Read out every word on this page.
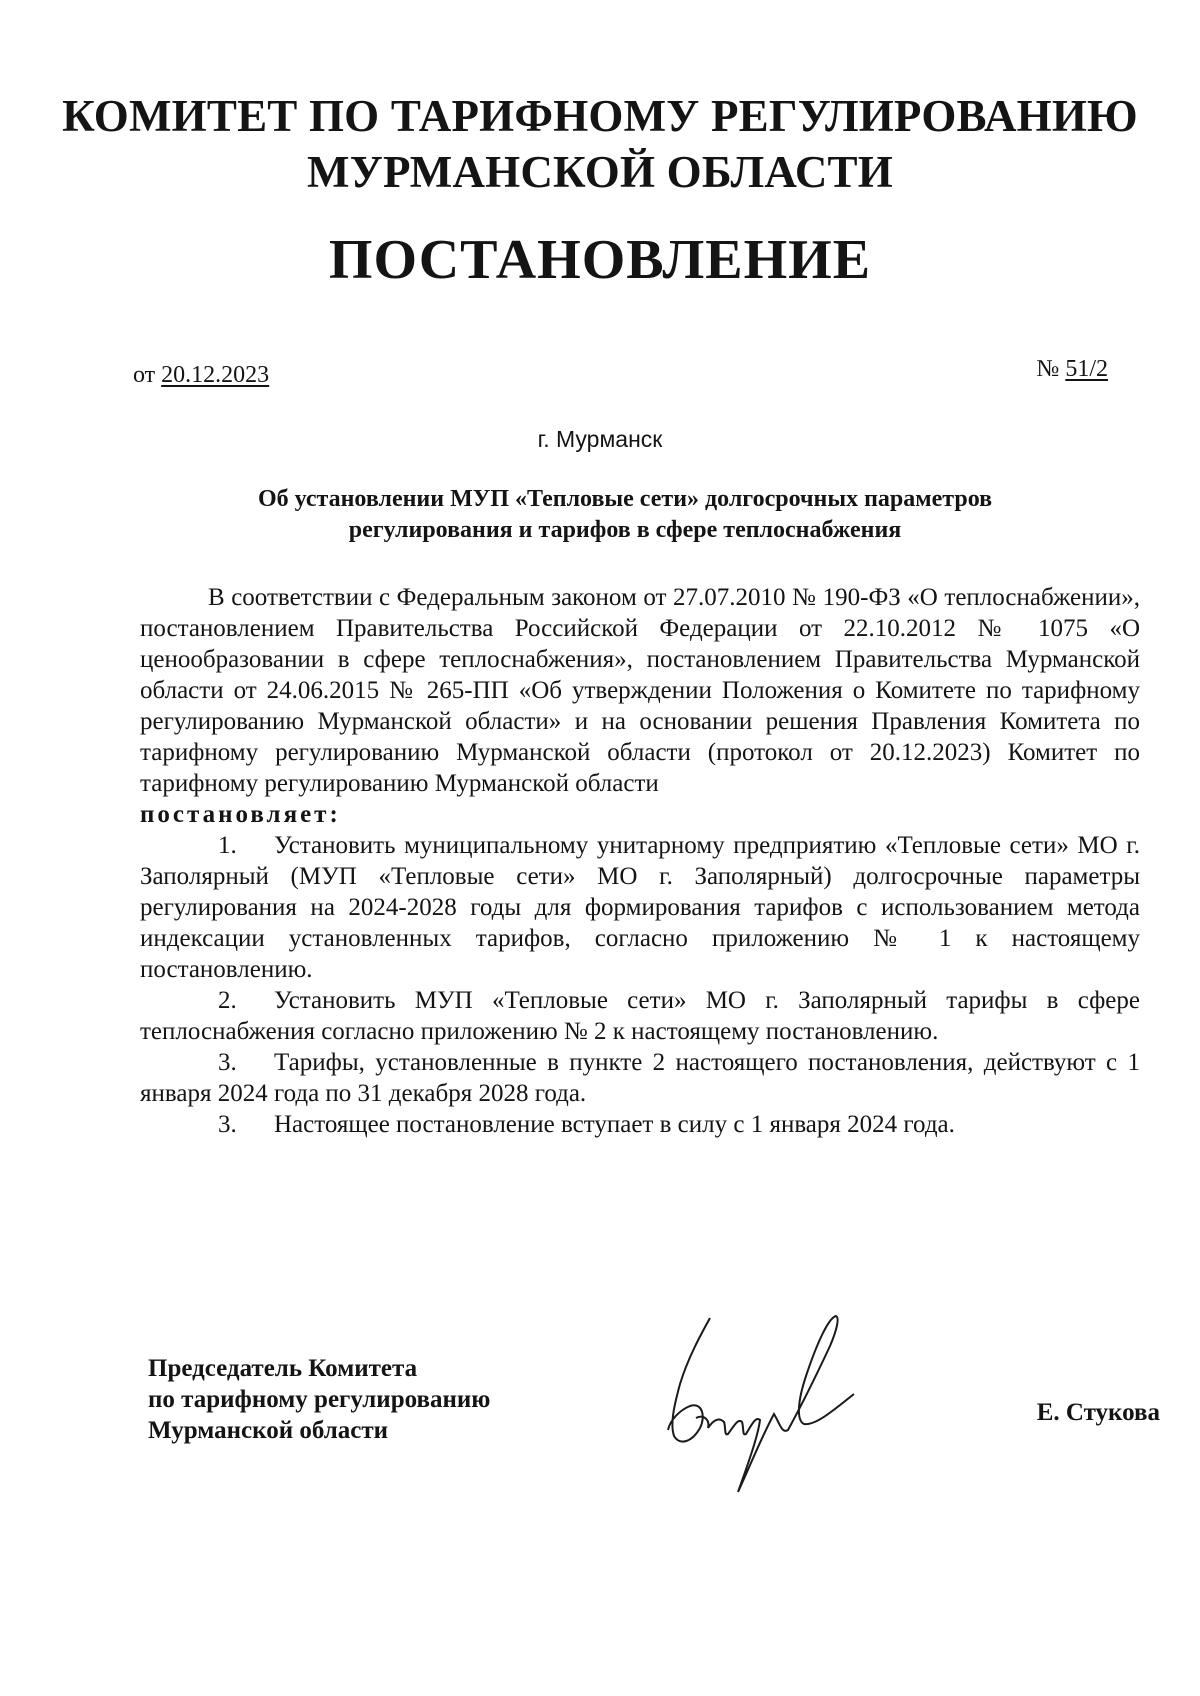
КОМИТЕТ ПО ТАРИФНОМУ РЕГУЛИРОВАНИЮ
МУРМАНСКОЙ ОБЛАСТИ
ПОСТАНОВЛЕНИЕ
от 20.12.2023	№ 51/2
г. Мурманск
Об установлении МУП «Тепловые сети» долгосрочных параметров
регулирования и тарифов в сфере теплоснабжения

В соответствии с Федеральным законом от 27.07.2010 № 190-ФЗ «О теплоснабжении», постановлением Правительства Российской Федерации от 22.10.2012 № 1075 «О ценообразовании в сфере теплоснабжения», постановлением Правительства Мурманской области от 24.06.2015 № 265-ПП «Об утверждении Положения о Комитете по тарифному регулированию Мурманской области» и на основании решения Правления Комитета по тарифному регулированию Мурманской области (протокол от 20.12.2023) Комитет по тарифному регулированию Мурманской области

постановляет:

1. Установить муниципальному унитарному предприятию «Тепловые сети» МО г. Заполярный (МУП «Тепловые сети» МО г. Заполярный) долгосрочные параметры регулирования на 2024-2028 годы для формирования тарифов с использованием метода индексации установленных тарифов, согласно приложению № 1 к настоящему постановлению.

2. Установить МУП «Тепловые сети» МО г. Заполярный тарифы в сфере теплоснабжения согласно приложению № 2 к настоящему постановлению.

3. Тарифы, установленные в пункте 2 настоящего постановления, действуют с 1 января 2024 года по 31 декабря 2028 года.

3. Настоящее постановление вступает в силу с 1 января 2024 года.

Председатель Комитета
по тарифному регулированию
Мурманской области
Е. Стукова
